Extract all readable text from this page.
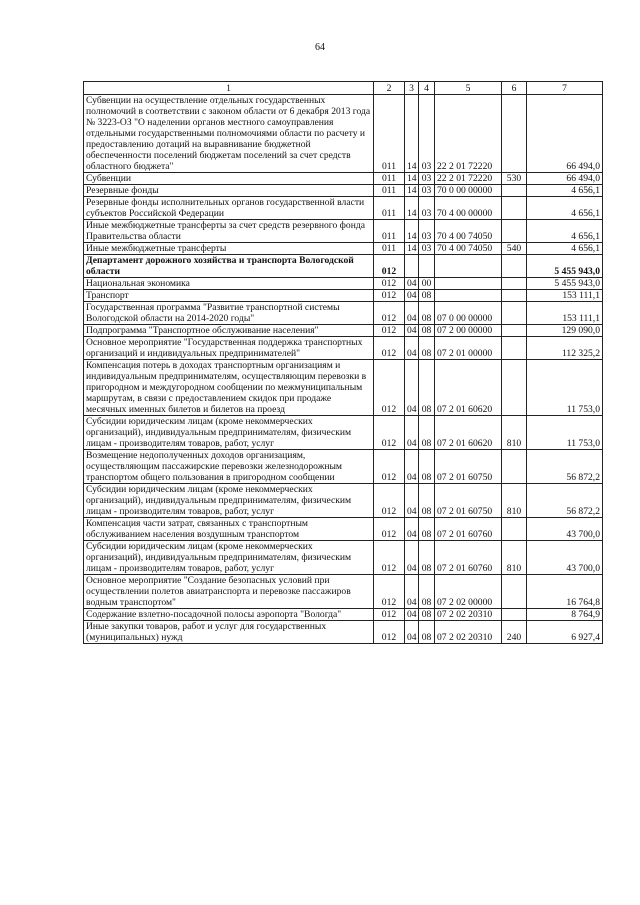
64
1	2	3	4	5	6	7
Субвенции на осуществление отдельных государственных полномочий в соответствии с законом области от 6 декабря 2013 года № 3223-ОЗ "О наделении органов местного самоуправления отдельными государственными полномочиями области по расчету и предоставлению дотаций на выравнивание бюджетной обеспеченности поселений бюджетам поселений за счет средств областного бюджета"	011	14	03	22 2 01 72220		66 494,0
Субвенции	011	14	03	22 2 01 72220	530	66 494,0
Резервные фонды	011	14	03	70 0 00 00000		4 656,1
Резервные фонды исполнительных органов государственной власти субъектов Российской Федерации	011	14	03	70 4 00 00000		4 656,1
Иные межбюджетные трансферты за счет средств резервного фонда Правительства области	011	14	03	70 4 00 74050		4 656,1
Иные межбюджетные трансферты	011	14	03	70 4 00 74050	540	4 656,1
Департамент дорожного хозяйства и транспорта Вологодской области	012					5 455 943,0
Национальная экономика	012	04	00			5 455 943,0
Транспорт	012	04	08			153 111,1
Государственная программа "Развитие транспортной системы Вологодской области на 2014-2020 годы"	012	04	08	07 0 00 00000		153 111,1
Подпрограмма "Транспортное обслуживание населения"	012	04	08	07 2 00 00000		129 090,0
Основное мероприятие "Государственная поддержка транспортных организаций и индивидуальных предпринимателей"	012	04	08	07 2 01 00000		112 325,2
Компенсация потерь в доходах транспортным организациям и индивидуальным предпринимателям, осуществляющим перевозки в пригородном и междугородном сообщении по межмуниципальным маршрутам, в связи с предоставлением скидок при продаже месячных именных билетов и билетов на проезд	012	04	08	07 2 01 60620		11 753,0
Субсидии юридическим лицам (кроме некоммерческих организаций), индивидуальным предпринимателям, физическим лицам - производителям товаров, работ, услуг	012	04	08	07 2 01 60620	810	11 753,0
Возмещение недополученных доходов организациям, осуществляющим пассажирские перевозки железнодорожным транспортом общего пользования в пригородном сообщении	012	04	08	07 2 01 60750		56 872,2
Субсидии юридическим лицам (кроме некоммерческих организаций), индивидуальным предпринимателям, физическим лицам - производителям товаров, работ, услуг	012	04	08	07 2 01 60750	810	56 872,2
Компенсация части затрат, связанных с транспортным обслуживанием населения воздушным транспортом	012	04	08	07 2 01 60760		43 700,0
Субсидии юридическим лицам (кроме некоммерческих организаций), индивидуальным предпринимателям, физическим лицам - производителям товаров, работ, услуг	012	04	08	07 2 01 60760	810	43 700,0
Основное мероприятие "Создание безопасных условий при осуществлении полетов авиатранспорта и перевозке пассажиров водным транспортом"	012	04	08	07 2 02 00000		16 764,8
Содержание взлетно-посадочной полосы аэропорта "Вологда"	012	04	08	07 2 02 20310		8 764,9
Иные закупки товаров, работ и услуг для государственных (муниципальных) нужд	012	04	08	07 2 02 20310	240	6 927,4
